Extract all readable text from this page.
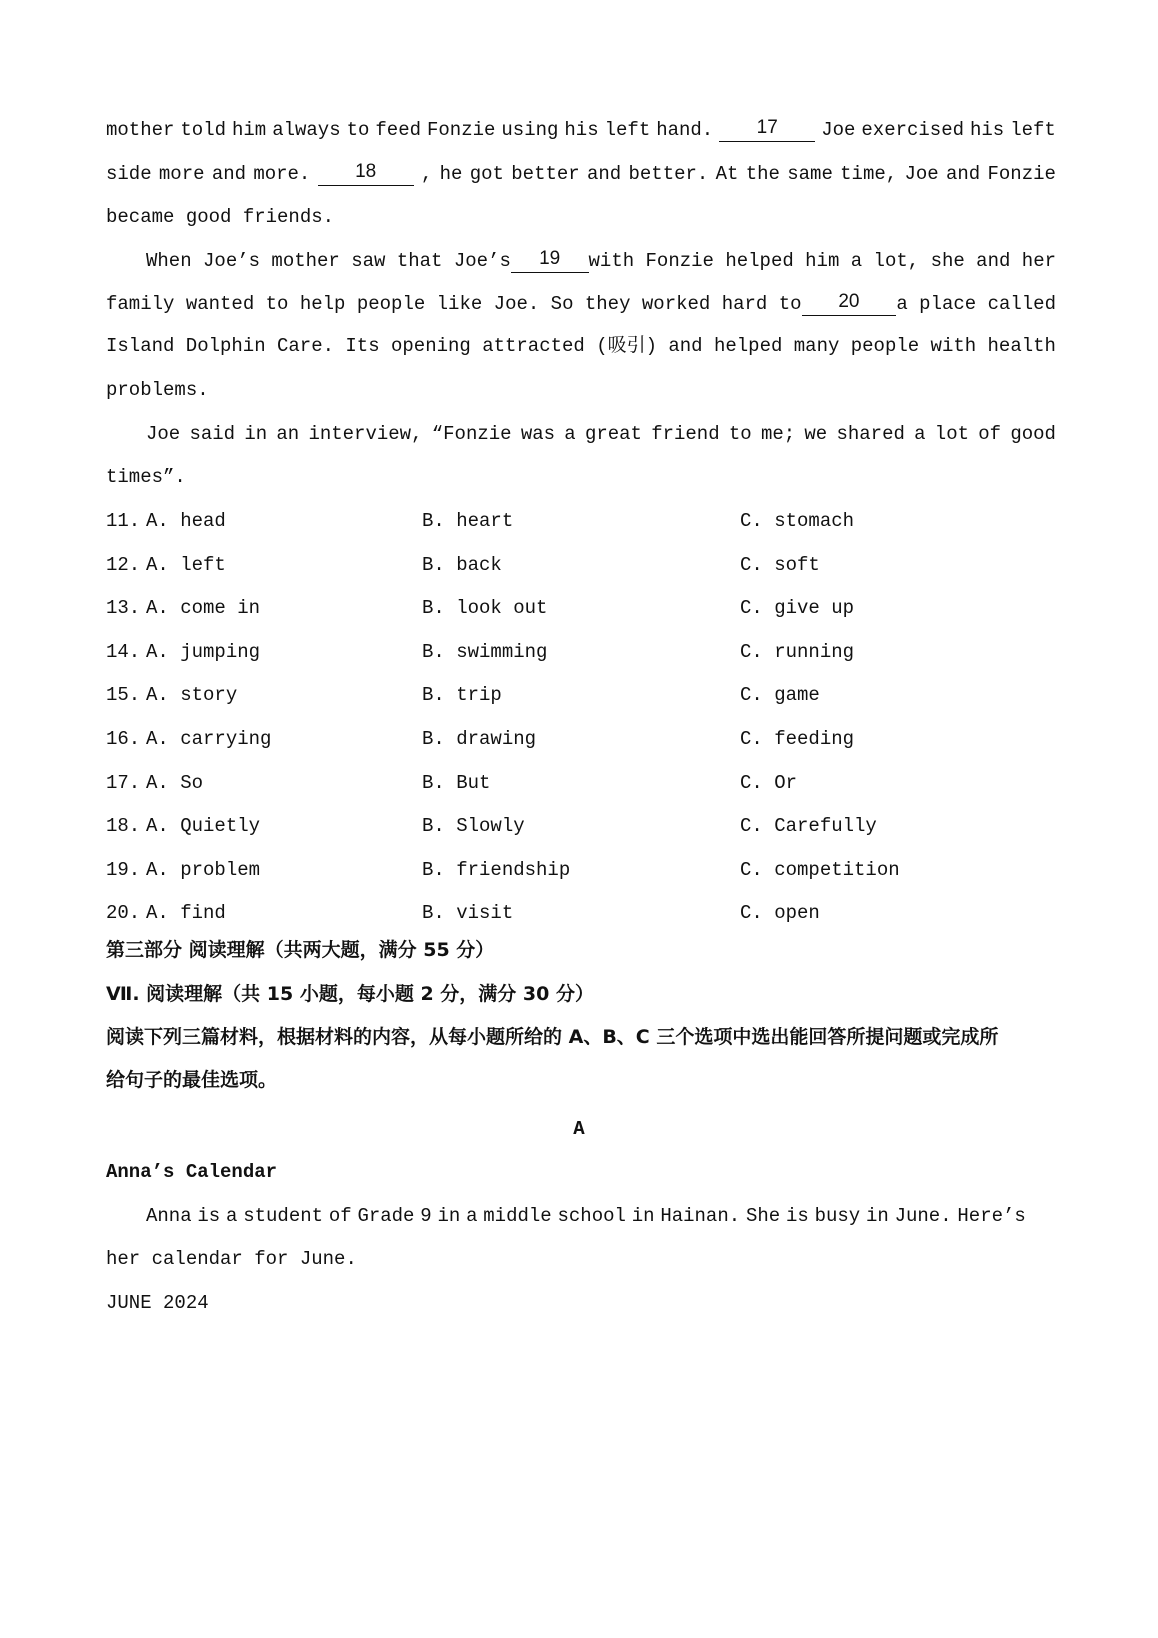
mother told him always to feed Fonzie using his left hand.	17	Joe exercised his left
side more and more.	18	, he got better and better. At the same time, Joe and Fonzie
became good friends.
When Joe’s mother saw that Joe’s	19	with Fonzie helped him a lot, she and her
family wanted to help people like Joe. So they worked hard to	20	a place called
Island Dolphin Care. Its opening attracted (吸引) and helped many people with health
problems.
Joe said in an interview, “Fonzie was a great friend to me; we shared a lot of good
times”.
11. A. head	B. heart	C. stomach
12. A. left	B. back	C. soft
13. A. come in	B. look out	C. give up
14. A. jumping	B. swimming	C. running
15. A. story	B. trip	C. game
16. A. carrying	B. drawing	C. feeding
17. A. So	B. But	C. Or
18. A. Quietly	B. Slowly	C. Carefully
19. A. problem	B. friendship	C. competition
20. A. find	B. visit	C. open
第三部分 阅读理解（共两大题，满分 55 分）
Ⅶ. 阅读理解（共 15 小题，每小题 2 分，满分 30 分）
阅读下列三篇材料，根据材料的内容，从每小题所给的 A、B、C 三个选项中选出能回答所提问题或完成所
给句子的最佳选项。
A
Anna’s Calendar
Anna is a student of Grade 9 in a middle school in Hainan. She is busy in June. Here’s
her calendar for June.
JUNE 2024
